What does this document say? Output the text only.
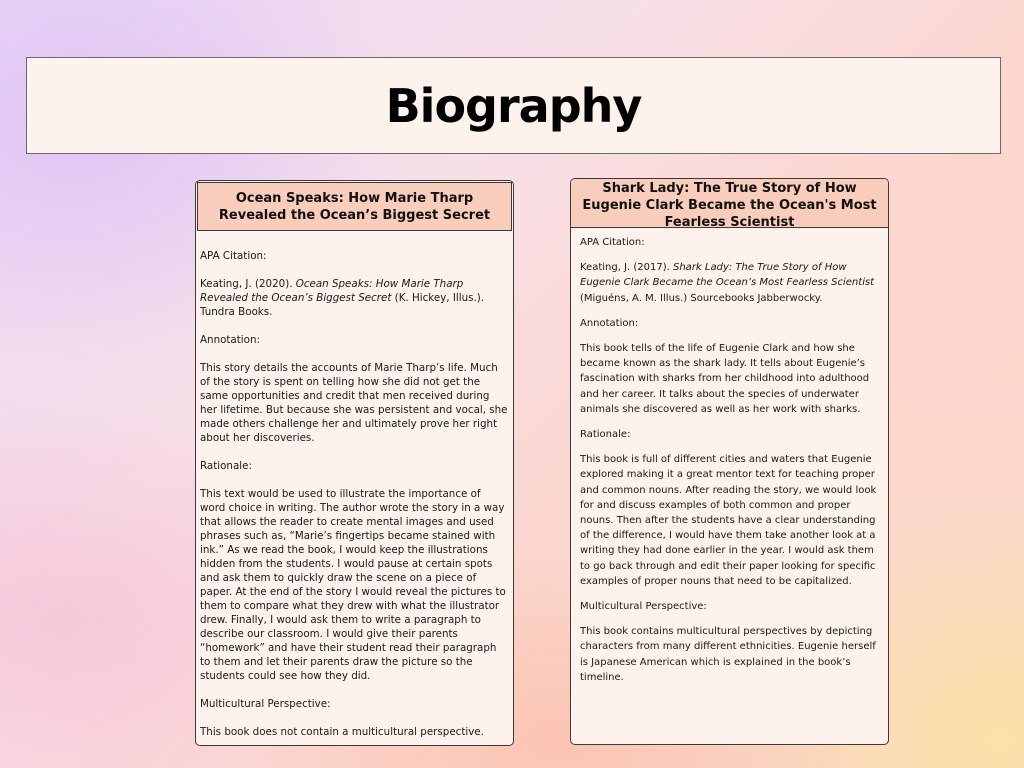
Biography
Ocean Speaks: How Marie Tharp Revealed the Ocean’s Biggest Secret

APA Citation:

Keating, J. (2020). Ocean Speaks: How Marie Tharp Revealed the Ocean’s Biggest Secret (K. Hickey, Illus.). Tundra Books.

Annotation:

This story details the accounts of Marie Tharp’s life. Much of the story is spent on telling how she did not get the same opportunities and credit that men received during her lifetime. But because she was persistent and vocal, she made others challenge her and ultimately prove her right about her discoveries.

Rationale:

This text would be used to illustrate the importance of word choice in writing. The author wrote the story in a way that allows the reader to create mental images and used phrases such as, “Marie’s fingertips became stained with ink.” As we read the book, I would keep the illustrations hidden from the students. I would pause at certain spots and ask them to quickly draw the scene on a piece of paper. At the end of the story I would reveal the pictures to them to compare what they drew with what the illustrator drew. Finally, I would ask them to write a paragraph to describe our classroom. I would give their parents “homework” and have their student read their paragraph to them and let their parents draw the picture so the students could see how they did.

Multicultural Perspective:

This book does not contain a multicultural perspective.

Shark Lady: The True Story of How Eugenie Clark Became the Ocean's Most Fearless Scientist

APA Citation:

Keating, J. (2017). Shark Lady: The True Story of How Eugenie Clark Became the Ocean’s Most Fearless Scientist (Miguéns, A. M. Illus.) Sourcebooks Jabberwocky.

Annotation:

This book tells of the life of Eugenie Clark and how she became known as the shark lady. It tells about Eugenie’s fascination with sharks from her childhood into adulthood and her career. It talks about the species of underwater animals she discovered as well as her work with sharks.

Rationale:

This book is full of different cities and waters that Eugenie explored making it a great mentor text for teaching proper and common nouns. After reading the story, we would look for and discuss examples of both common and proper nouns. Then after the students have a clear understanding of the difference, I would have them take another look at a writing they had done earlier in the year. I would ask them to go back through and edit their paper looking for specific examples of proper nouns that need to be capitalized.

Multicultural Perspective:

This book contains multicultural perspectives by depicting characters from many different ethnicities. Eugenie herself is Japanese American which is explained in the book’s timeline.
